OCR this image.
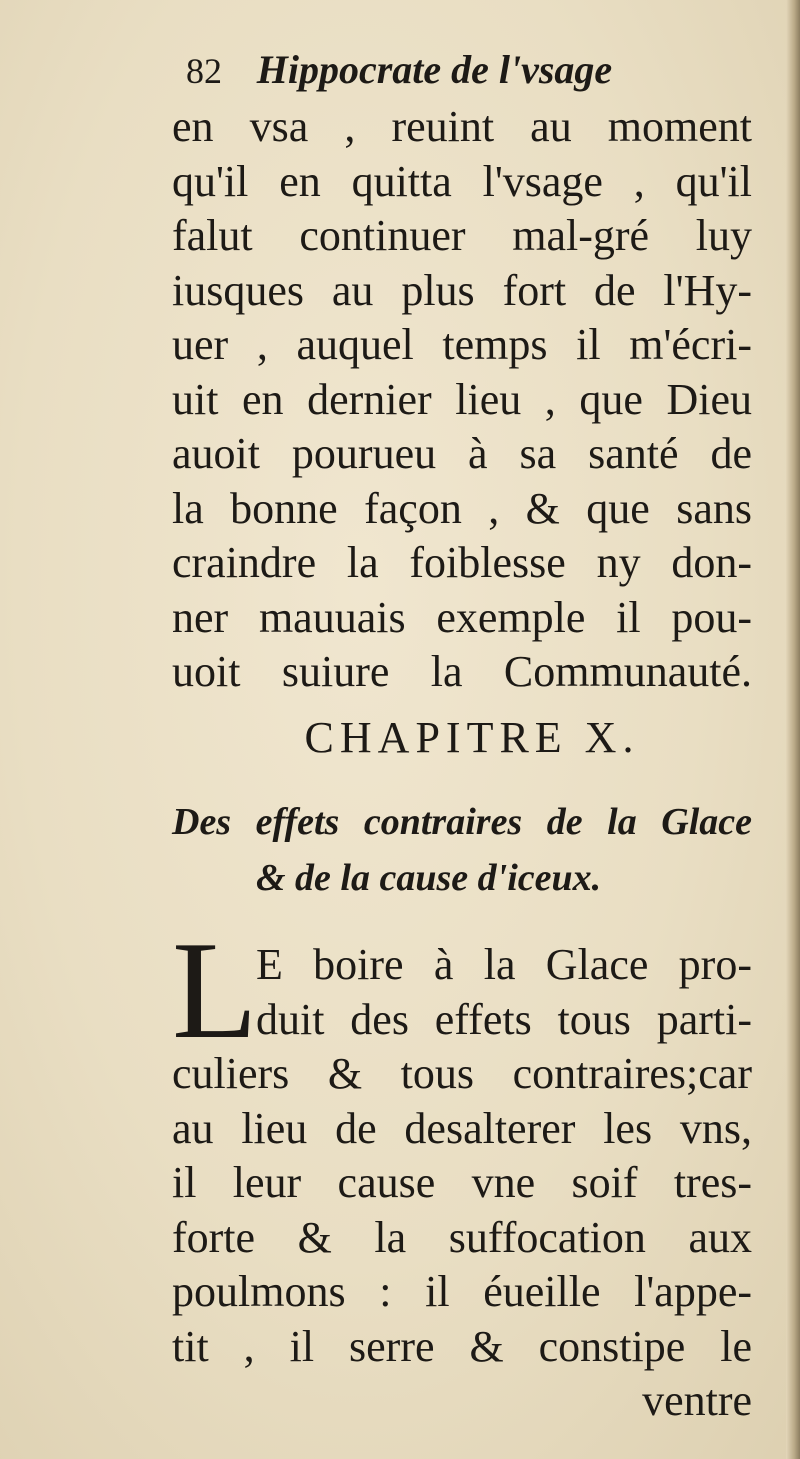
82 Hippocrate de l'vsage
en vsa , reuint au moment
qu'il en quitta l'vsage , qu'il
falut continuer mal-gré luy
iusques au plus fort de l'Hy-
uer , auquel temps il m'écri-
uit en dernier lieu , que Dieu
auoit pourueu à sa santé de
la bonne façon , & que sans
craindre la foiblesse ny don-
ner mauuais exemple il pou-
uoit suiure la Communauté.
CHAPITRE X.
Des effets contraires de la Glace
& de la cause d'iceux.
L
E boire à la Glace pro-
duit des effets tous parti-
culiers & tous contraires;car
au lieu de desalterer les vns,
il leur cause vne soif tres-
forte & la suffocation aux
poulmons : il éueille l'appe-
tit , il serre & constipe le
ventre
